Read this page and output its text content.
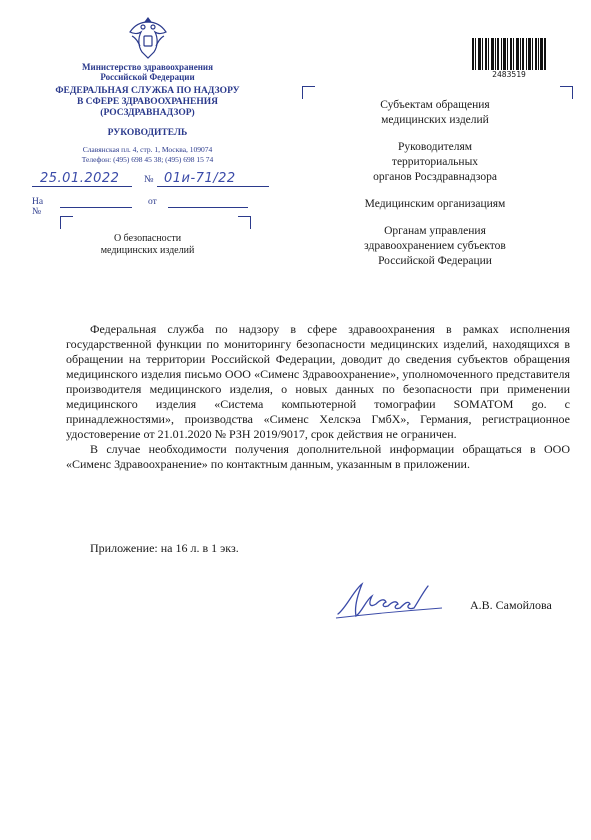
Министерство здравоохранения
Российской Федерации
ФЕДЕРАЛЬНАЯ СЛУЖБА ПО НАДЗОРУ
В СФЕРЕ ЗДРАВООХРАНЕНИЯ
(РОСЗДРАВНАДЗОР)
РУКОВОДИТЕЛЬ
Славянская пл. 4, стр. 1, Москва, 109074
Телефон: (495) 698 45 38; (495) 698 15 74
25.01.2022 № 01и-71/22
На №
от
О безопасности
медицинских изделий
2483519

Субъектам обращения
медицинских изделий

Руководителям
территориальных
органов Росздравнадзора

Медицинским организациям

Органам управления
здравоохранением субъектов
Российской Федерации

Федеральная служба по надзору в сфере здравоохранения в рамках исполнения государственной функции по мониторингу безопасности медицинских изделий, находящихся в обращении на территории Российской Федерации, доводит до сведения субъектов обращения медицинского изделия письмо ООО «Сименс Здравоохранение», уполномоченного представителя производителя медицинского изделия, о новых данных по безопасности при применении медицинского изделия «Система компьютерной томографии SOMATOM go. с принадлежностями», производства «Сименс Хелскэа ГмбХ», Германия, регистрационное удостоверение от 21.01.2020 № РЗН 2019/9017, срок действия не ограничен.

В случае необходимости получения дополнительной информации обращаться в ООО «Сименс Здравоохранение» по контактным данным, указанным в приложении.

Приложение: на 16 л. в 1 экз.
А.В. Самойлова
